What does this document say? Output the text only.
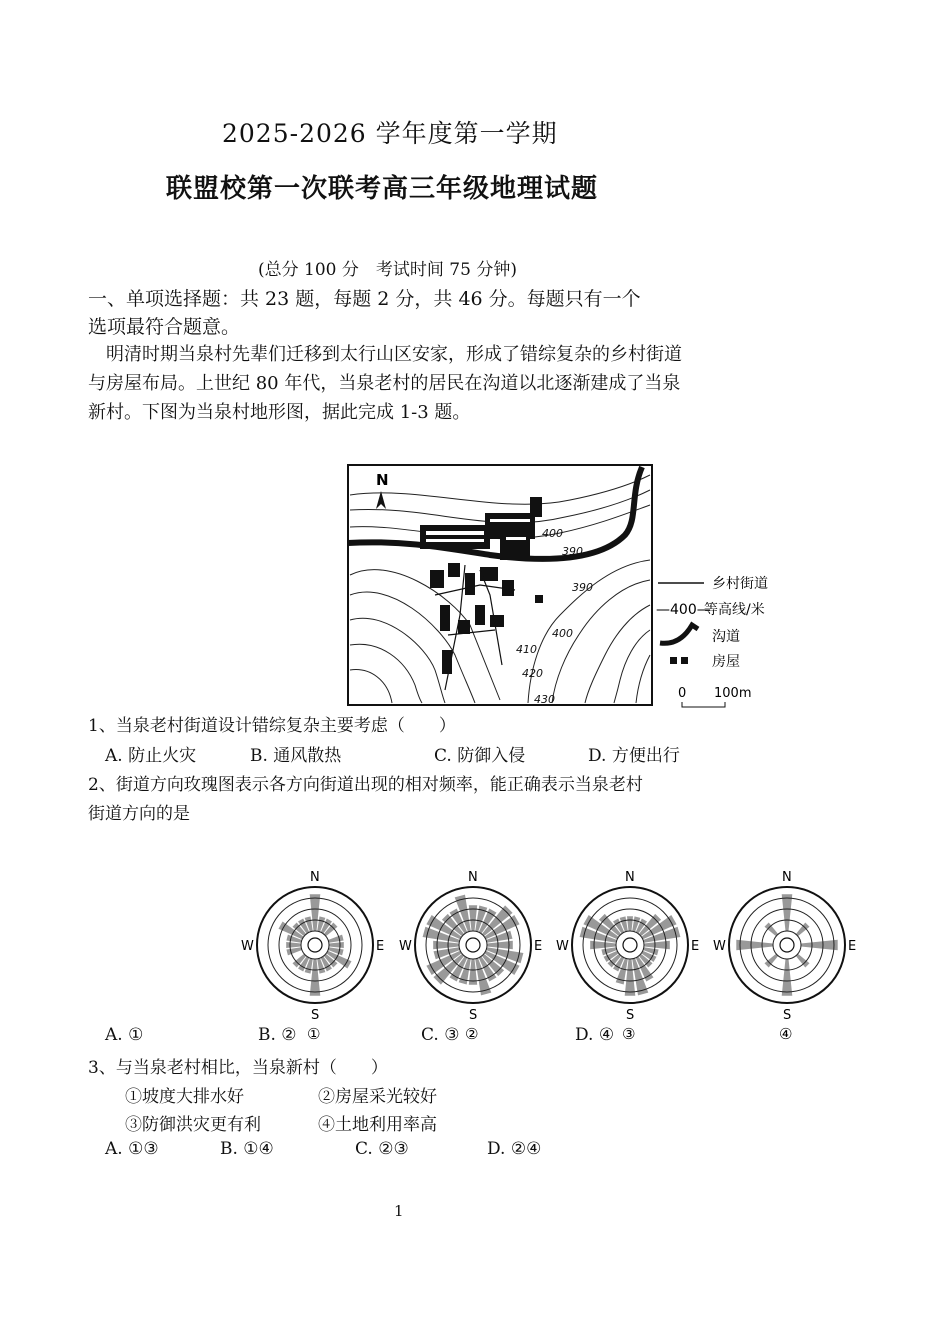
2025-2026 学年度第一学期
联盟校第一次联考高三年级地理试题
(总分 100 分　考试时间 75 分钟)
一、单项选择题：共 23 题，每题 2 分，共 46 分。每题只有一个
选项最符合题意。
明清时期当泉村先辈们迁移到太行山区安家，形成了错综复杂的乡村街道
与房屋布局。上世纪 80 年代，当泉老村的居民在沟道以北逐渐建成了当泉
新村。下图为当泉村地形图，据此完成 1-3 题。
400
390
390
400
410
420
430
N
乡村街道
—400—
等高线/米
沟道
房屋
0 100m
1、当泉老村街道设计错综复杂主要考虑（　　）
A. 防止火灾	B. 通风散热	C. 防御入侵	D. 方便出行
2、街道方向玫瑰图表示各方向街道出现的相对频率，能正确表示当泉老村
街道方向的是
N
S
W	E
①
N
S
W	E
②
N
S
W	E
③
N
S
W	E
④
A. ①	B. ②	C. ③	D. ④
3、与当泉老村相比，当泉新村（　　）
①坡度大排水好	②房屋采光较好
③防御洪灾更有利	④土地利用率高
A. ①③	B. ①④	C. ②③	D. ②④
1
